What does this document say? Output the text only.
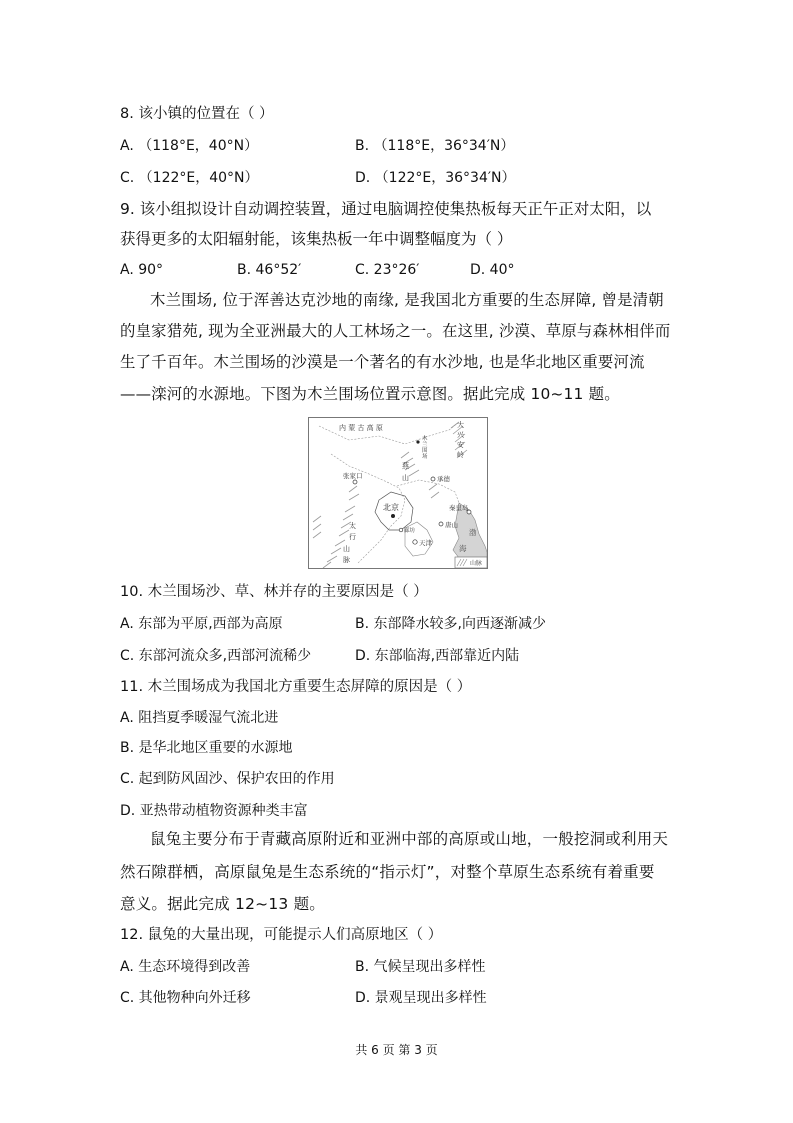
8. 该小镇的位置在（ ）
A. （118°E，40°N）	B. （118°E，36°34′N）
C. （122°E，40°N）	D. （122°E，36°34′N）
9. 该小组拟设计自动调控装置，通过电脑调控使集热板每天正午正对太阳，以
获得更多的太阳辐射能，该集热板一年中调整幅度为（ ）
A. 90°	B. 46°52′	C. 23°26′	D. 40°
木兰围场, 位于浑善达克沙地的南缘, 是我国北方重要的生态屏障, 曾是清朝
的皇家猎苑, 现为全亚洲最大的人工林场之一。在这里, 沙漠、草原与森林相伴而
生了千百年。木兰围场的沙漠是一个著名的有水沙地, 也是华北地区重要河流
——滦河的水源地。下图为木兰围场位置示意图。据此完成 10~11 题。
内 蒙 古 高 原	大
兴
安
岭
木
兰
围
场
燕
山
张家口	承德
北京	秦皇岛
廊坊
唐山
天津
渤
海
太
行
山
脉	山脉
10. 木兰围场沙、草、林并存的主要原因是（ ）
A. 东部为平原,西部为高原	B. 东部降水较多,向西逐渐减少
C. 东部河流众多,西部河流稀少	D. 东部临海,西部靠近内陆
11. 木兰围场成为我国北方重要生态屏障的原因是（ ）
A. 阻挡夏季暖湿气流北进
B. 是华北地区重要的水源地
C. 起到防风固沙、保护农田的作用
D. 亚热带动植物资源种类丰富
鼠兔主要分布于青藏高原附近和亚洲中部的高原或山地，一般挖洞或利用天
然石隙群栖，高原鼠兔是生态系统的“指示灯”，对整个草原生态系统有着重要
意义。据此完成 12~13 题。
12. 鼠兔的大量出现，可能提示人们高原地区（ ）
A. 生态环境得到改善	B. 气候呈现出多样性
C. 其他物种向外迁移	D. 景观呈现出多样性
共 6 页 第 3 页
